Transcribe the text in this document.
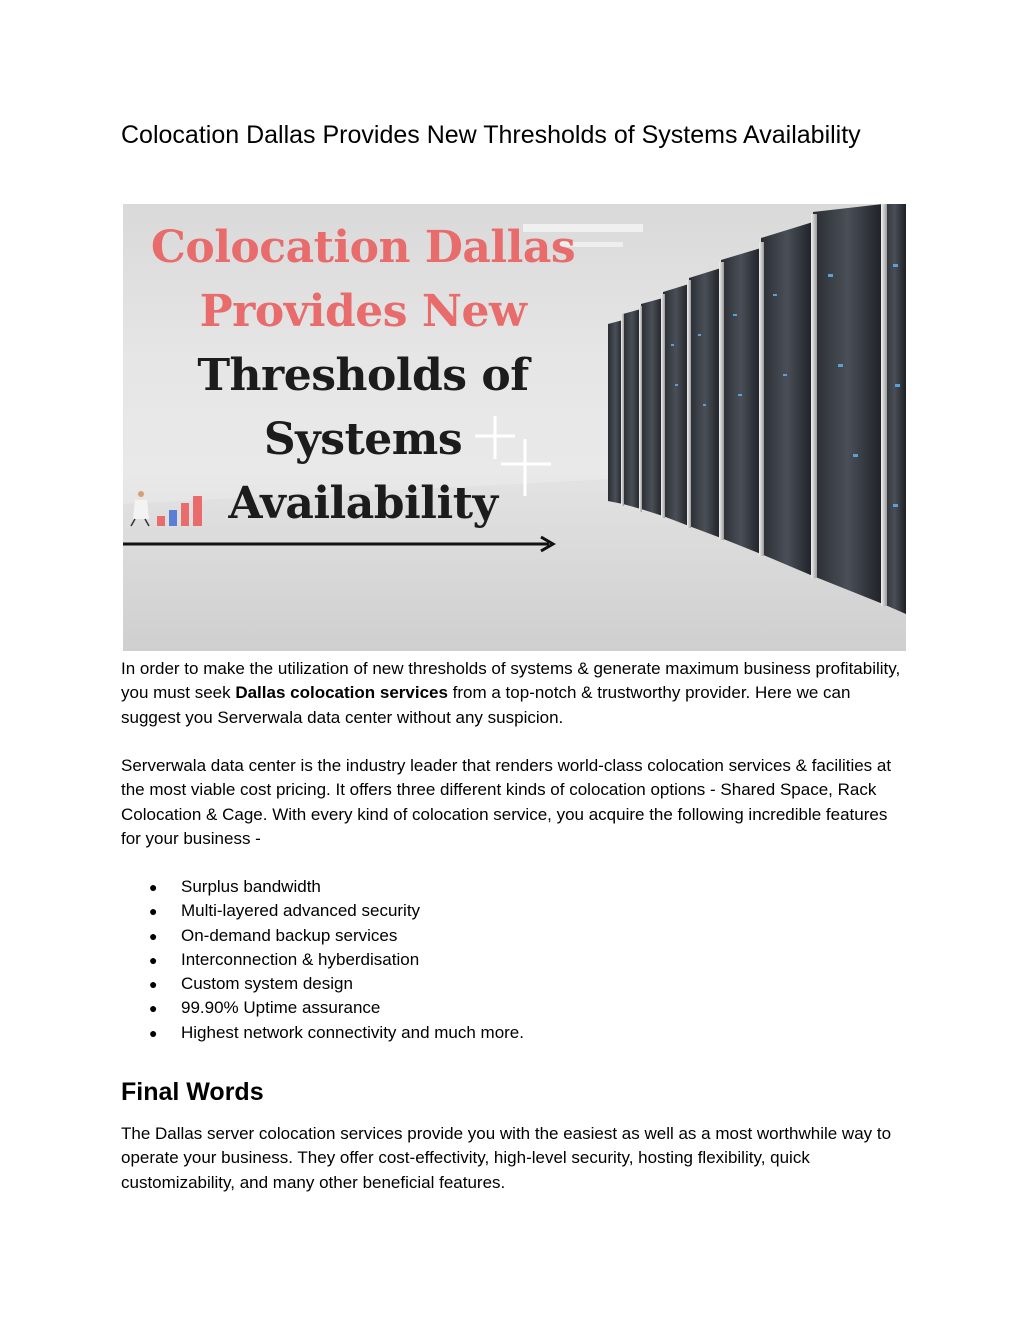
Colocation Dallas Provides New Thresholds of Systems Availability
Colocation Dallas
Provides New
Thresholds of
Systems
Availability

In order to make the utilization of new thresholds of systems & generate maximum business profitability, you must seek Dallas colocation services from a top-notch & trustworthy provider. Here we can suggest you Serverwala data center without any suspicion.

Serverwala data center is the industry leader that renders world-class colocation services & facilities at the most viable cost pricing. It offers three different kinds of colocation options - Shared Space, Rack Colocation & Cage. With every kind of colocation service, you acquire the following incredible features for your business -

● Surplus bandwidth
● Multi-layered advanced security
● On-demand backup services
● Interconnection & hyberdisation
● Custom system design
● 99.90% Uptime assurance
● Highest network connectivity and much more.
Final Words

The Dallas server colocation services provide you with the easiest as well as a most worthwhile way to operate your business. They offer cost-effectivity, high-level security, hosting flexibility, quick customizability, and many other beneficial features.
